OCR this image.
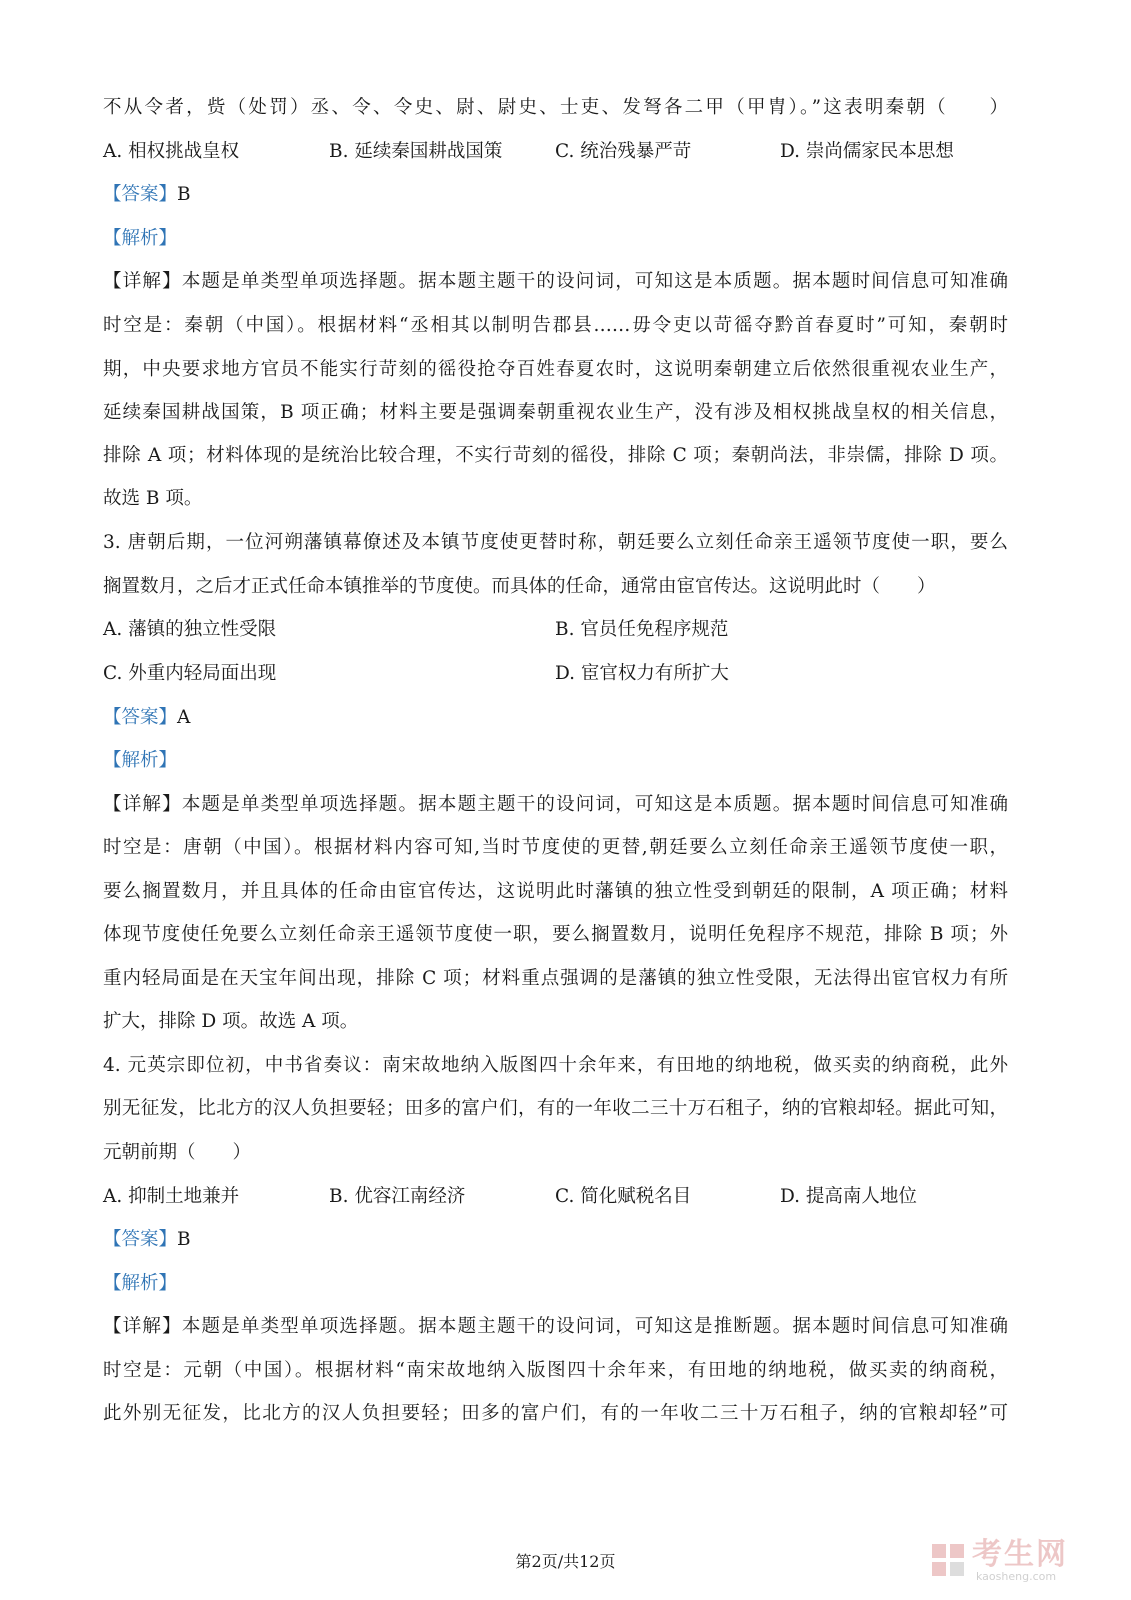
不从令者，赀（处罚）丞、令、令史、尉、尉史、士吏、发弩各二甲（甲胄）。”这表明秦朝（　　）
A. 相权挑战皇权	B. 延续秦国耕战国策	C. 统治残暴严苛	D. 崇尚儒家民本思想
【答案】B
【解析】
【详解】本题是单类型单项选择题。据本题主题干的设问词，可知这是本质题。据本题时间信息可知准确
时空是：秦朝（中国）。根据材料“丞相其以制明告郡县……毋令吏以苛徭夺黔首春夏时”可知，秦朝时
期，中央要求地方官员不能实行苛刻的徭役抢夺百姓春夏农时，这说明秦朝建立后依然很重视农业生产，
延续秦国耕战国策，B 项正确；材料主要是强调秦朝重视农业生产，没有涉及相权挑战皇权的相关信息，
排除 A 项；材料体现的是统治比较合理，不实行苛刻的徭役，排除 C 项；秦朝尚法，非崇儒，排除 D 项。
故选 B 项。
3. 唐朝后期，一位河朔藩镇幕僚述及本镇节度使更替时称，朝廷要么立刻任命亲王遥领节度使一职，要么
搁置数月，之后才正式任命本镇推举的节度使。而具体的任命，通常由宦官传达。这说明此时（　　）
A. 藩镇的独立性受限	B. 官员任免程序规范
C. 外重内轻局面出现	D. 宦官权力有所扩大
【答案】A
【解析】
【详解】本题是单类型单项选择题。据本题主题干的设问词，可知这是本质题。据本题时间信息可知准确
时空是：唐朝（中国）。根据材料内容可知,当时节度使的更替,朝廷要么立刻任命亲王遥领节度使一职，
要么搁置数月，并且具体的任命由宦官传达，这说明此时藩镇的独立性受到朝廷的限制，A 项正确；材料
体现节度使任免要么立刻任命亲王遥领节度使一职，要么搁置数月，说明任免程序不规范，排除 B 项；外
重内轻局面是在天宝年间出现，排除 C 项；材料重点强调的是藩镇的独立性受限，无法得出宦官权力有所
扩大，排除 D 项。故选 A 项。
4. 元英宗即位初，中书省奏议：南宋故地纳入版图四十余年来，有田地的纳地税，做买卖的纳商税，此外
别无征发，比北方的汉人负担要轻；田多的富户们，有的一年收二三十万石租子，纳的官粮却轻。据此可知，
元朝前期（　　）
A. 抑制土地兼并	B. 优容江南经济	C. 简化赋税名目	D. 提高南人地位
【答案】B
【解析】
【详解】本题是单类型单项选择题。据本题主题干的设问词，可知这是推断题。据本题时间信息可知准确
时空是：元朝（中国）。根据材料“南宋故地纳入版图四十余年来，有田地的纳地税，做买卖的纳商税，
此外别无征发，比北方的汉人负担要轻；田多的富户们，有的一年收二三十万石租子，纳的官粮却轻”可
第2页/共12页	考生网
kaosheng.com
